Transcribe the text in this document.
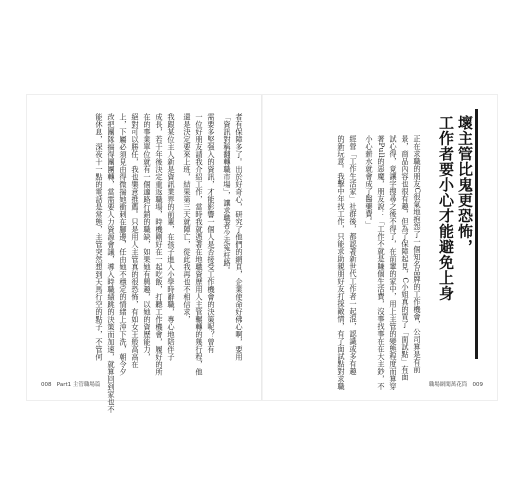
者有保障多了。出於好奇心，研究了他們的網頁，企業使命好佛心啊，要用
「資訊對稱翻轉職市場」，讓求職者少走冤枉路。
需要多堅强入的資訊，才能影響一個人是否接受工作機會的決策呢？曾有
一位好朋友請我介紹工作，當時我就憑著在地職資歷用人主管輾轉的幾行程，他
還是決定要來上班，結果第三天就陣亡，從此我再也不相信求，
我跟某位主人新是資訊業界的前輩，在孩子進入小學時辭職，專心地陪伴子
成長，若干年後決定重返職場，時機剛好在一起吃飯，打聽工作機會，履好的所
在的事業單位就有一個適路行銷的職缺，如果她有興趣，以她的資歷能力，
絕對可以勝任，我也樂意推薦。只是用人主管真的很恐怖，有如女王般高高在
上，下屬必須見由得微揣她衝刺在腳邊，任由她不穩定的情緒上沖下洗，朝令夕
改把團隊搞得團團轉，當需要人力資源會議，導入時職績跳的決策而加速，就算回到家也不
能休息，深夜十一點的電話是常態，主管突然想到天馬行空的點子，不管何
008 Part1 主管職場篇
壞主管比鬼更恐怖，
工作者要小心才能避免上身
正在求職的朋友C很氣地抱怨了一個知名品牌的工作機會，公司算是有前
景，商品內容也很有趣，但為了保障起見，C小姐真的買了「面試點」有面
試心得，竟讓字搜尋之後不得了，在前輩的家中，用上主管的變態程度而算穿
著Pull的惡魔，朋友說：「工作不就是賺個生活費，沒事找事在在大主鈔，不
小心薪水就會成了醫藥費。」
經營「工作生活家」社群後，都認著新世代工作者一起混，認識或多有趣
的新玩意。我擊中年找工作，只能求助親朋好友打探敵情，有了面試點對求職	職場網聞萬花筒 009
